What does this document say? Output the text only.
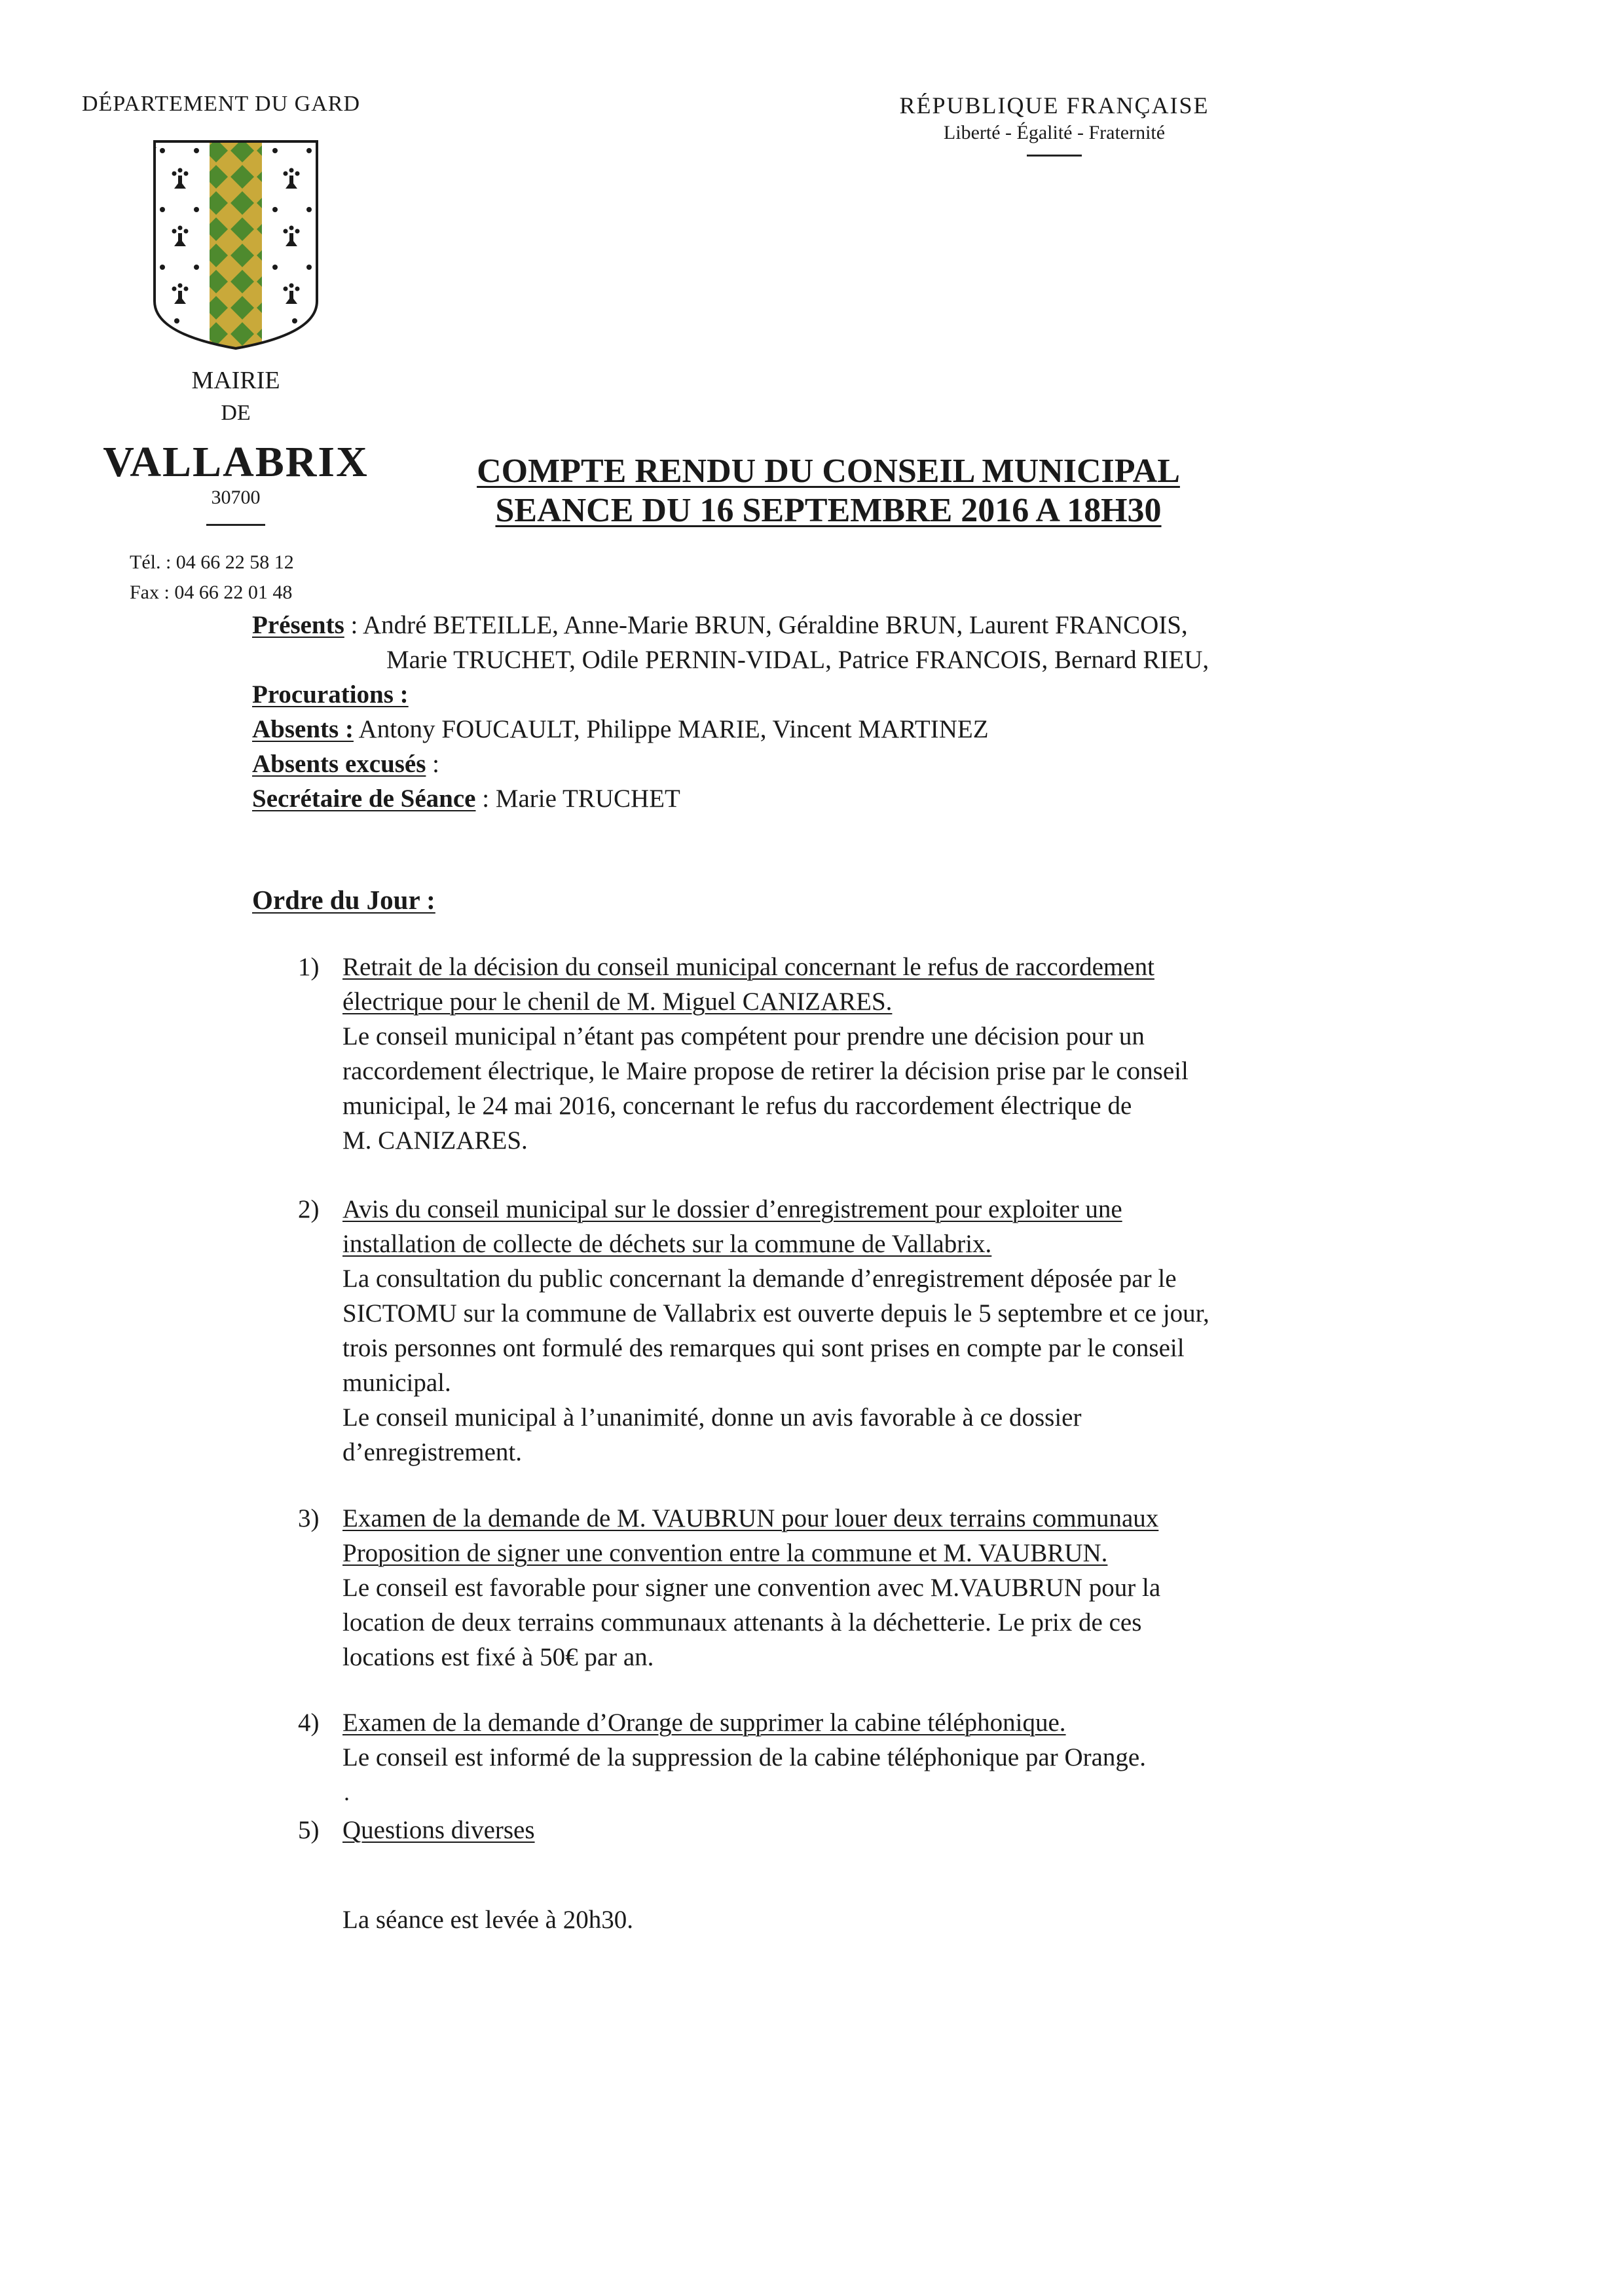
DÉPARTEMENT DU GARD	RÉPUBLIQUE FRANÇAISE
Liberté - Égalité - Fraternité
MAIRIE
DE
VALLABRIX
30700
Tél. : 04 66 22 58 12
Fax : 04 66 22 01 48
COMPTE RENDU DU CONSEIL MUNICIPAL
SEANCE DU 16 SEPTEMBRE 2016 A 18H30
Présents : André BETEILLE, Anne-Marie BRUN, Géraldine BRUN, Laurent FRANCOIS,
Marie TRUCHET, Odile PERNIN-VIDAL, Patrice FRANCOIS, Bernard RIEU,
Procurations :
Absents : Antony FOUCAULT, Philippe MARIE, Vincent MARTINEZ
Absents excusés :
Secrétaire de Séance : Marie TRUCHET
Ordre du Jour :
1) Retrait de la décision du conseil municipal concernant le refus de raccordement
électrique pour le chenil de M. Miguel CANIZARES.
Le conseil municipal n’étant pas compétent pour prendre une décision pour un
raccordement électrique, le Maire propose de retirer la décision prise par le conseil
municipal, le 24 mai 2016, concernant le refus du raccordement électrique de
M. CANIZARES.
2) Avis du conseil municipal sur le dossier d’enregistrement pour exploiter une
installation de collecte de déchets sur la commune de Vallabrix.
La consultation du public concernant la demande d’enregistrement déposée par le
SICTOMU sur la commune de Vallabrix est ouverte depuis le 5 septembre et ce jour,
trois personnes ont formulé des remarques qui sont prises en compte par le conseil
municipal.
Le conseil municipal à l’unanimité, donne un avis favorable à ce dossier
d’enregistrement.
3) Examen de la demande de M. VAUBRUN pour louer deux terrains communaux
Proposition de signer une convention entre la commune et M. VAUBRUN.
Le conseil est favorable pour signer une convention avec M.VAUBRUN pour la
location de deux terrains communaux attenants à la déchetterie. Le prix de ces
locations est fixé à 50€ par an.
4) Examen de la demande d’Orange de supprimer la cabine téléphonique.
Le conseil est informé de la suppression de la cabine téléphonique par Orange.
.
5) Questions diverses
La séance est levée à 20h30.
